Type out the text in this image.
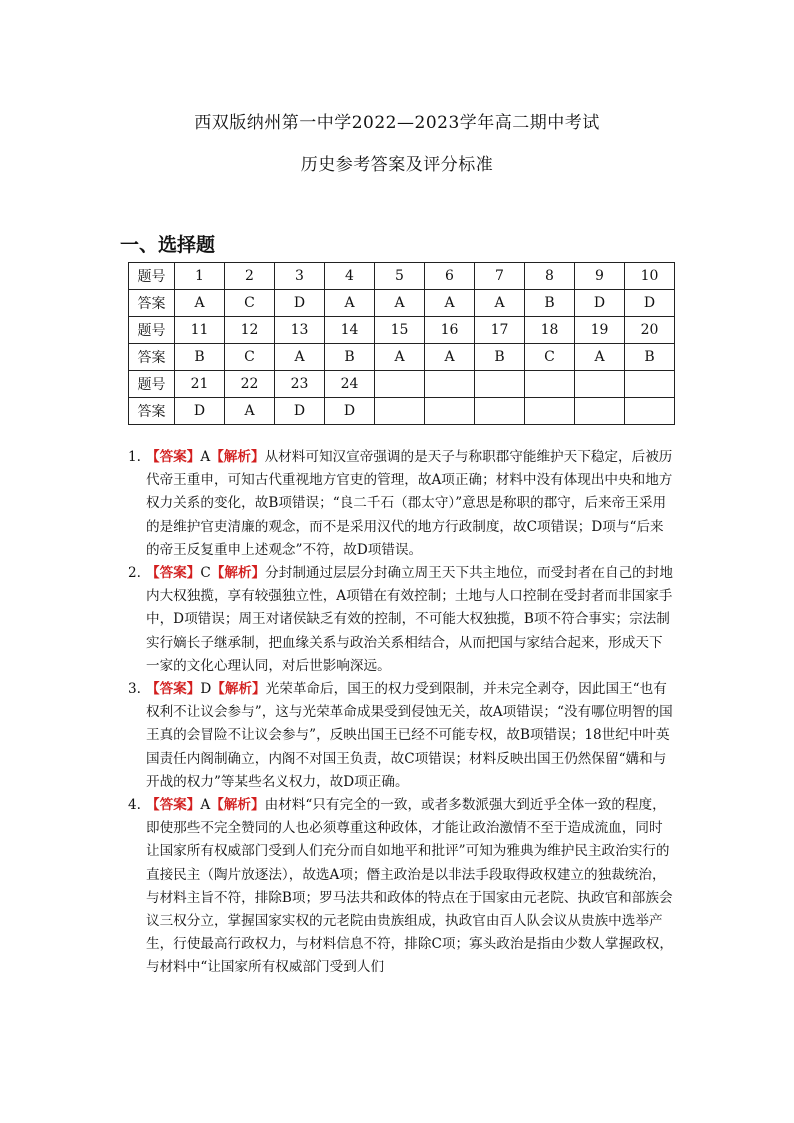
西双版纳州第一中学2022—2023学年高二期中考试
历史参考答案及评分标准
一、选择题
题号	1	2	3	4	5	6	7	8	9	10
答案	A	C	D	A	A	A	A	B	D	D
题号	11	12	13	14	15	16	17	18	19	20
答案	B	C	A	B	A	A	B	C	A	B
题号	21	22	23	24						
答案	D	A	D	D						
1. 【答案】A【解析】从材料可知汉宣帝强调的是天子与称职郡守能维护天下稳定，后被历代帝王重申，可知古代重视地方官吏的管理，故A项正确；材料中没有体现出中央和地方权力关系的变化，故B项错误；“良二千石（郡太守）”意思是称职的郡守，后来帝王采用的是维护官吏清廉的观念，而不是采用汉代的地方行政制度，故C项错误；D项与“后来的帝王反复重申上述观念”不符，故D项错误。
2. 【答案】C【解析】分封制通过层层分封确立周王天下共主地位，而受封者在自己的封地内大权独揽，享有较强独立性，A项错在有效控制；土地与人口控制在受封者而非国家手中，D项错误；周王对诸侯缺乏有效的控制，不可能大权独揽，B项不符合事实；宗法制实行嫡长子继承制，把血缘关系与政治关系相结合，从而把国与家结合起来，形成天下一家的文化心理认同，对后世影响深远。
3. 【答案】D【解析】光荣革命后，国王的权力受到限制，并未完全剥夺，因此国王“也有权利不让议会参与”，这与光荣革命成果受到侵蚀无关，故A项错误；“没有哪位明智的国王真的会冒险不让议会参与”，反映出国王已经不可能专权，故B项错误；18世纪中叶英国责任内阁制确立，内阁不对国王负责，故C项错误；材料反映出国王仍然保留“媾和与开战的权力”等某些名义权力，故D项正确。
4. 【答案】A【解析】由材料“只有完全的一致，或者多数派强大到近乎全体一致的程度，即使那些不完全赞同的人也必须尊重这种政体，才能让政治激情不至于造成流血，同时让国家所有权威部门受到人们充分而自如地平和批评”可知为雅典为维护民主政治实行的直接民主（陶片放逐法），故选A项；僭主政治是以非法手段取得政权建立的独裁统治，与材料主旨不符，排除B项；罗马法共和政体的特点在于国家由元老院、执政官和部族会议三权分立，掌握国家实权的元老院由贵族组成，执政官由百人队会议从贵族中选举产生，行使最高行政权力，与材料信息不符，排除C项；寡头政治是指由少数人掌握政权，与材料中“让国家所有权威部门受到人们
